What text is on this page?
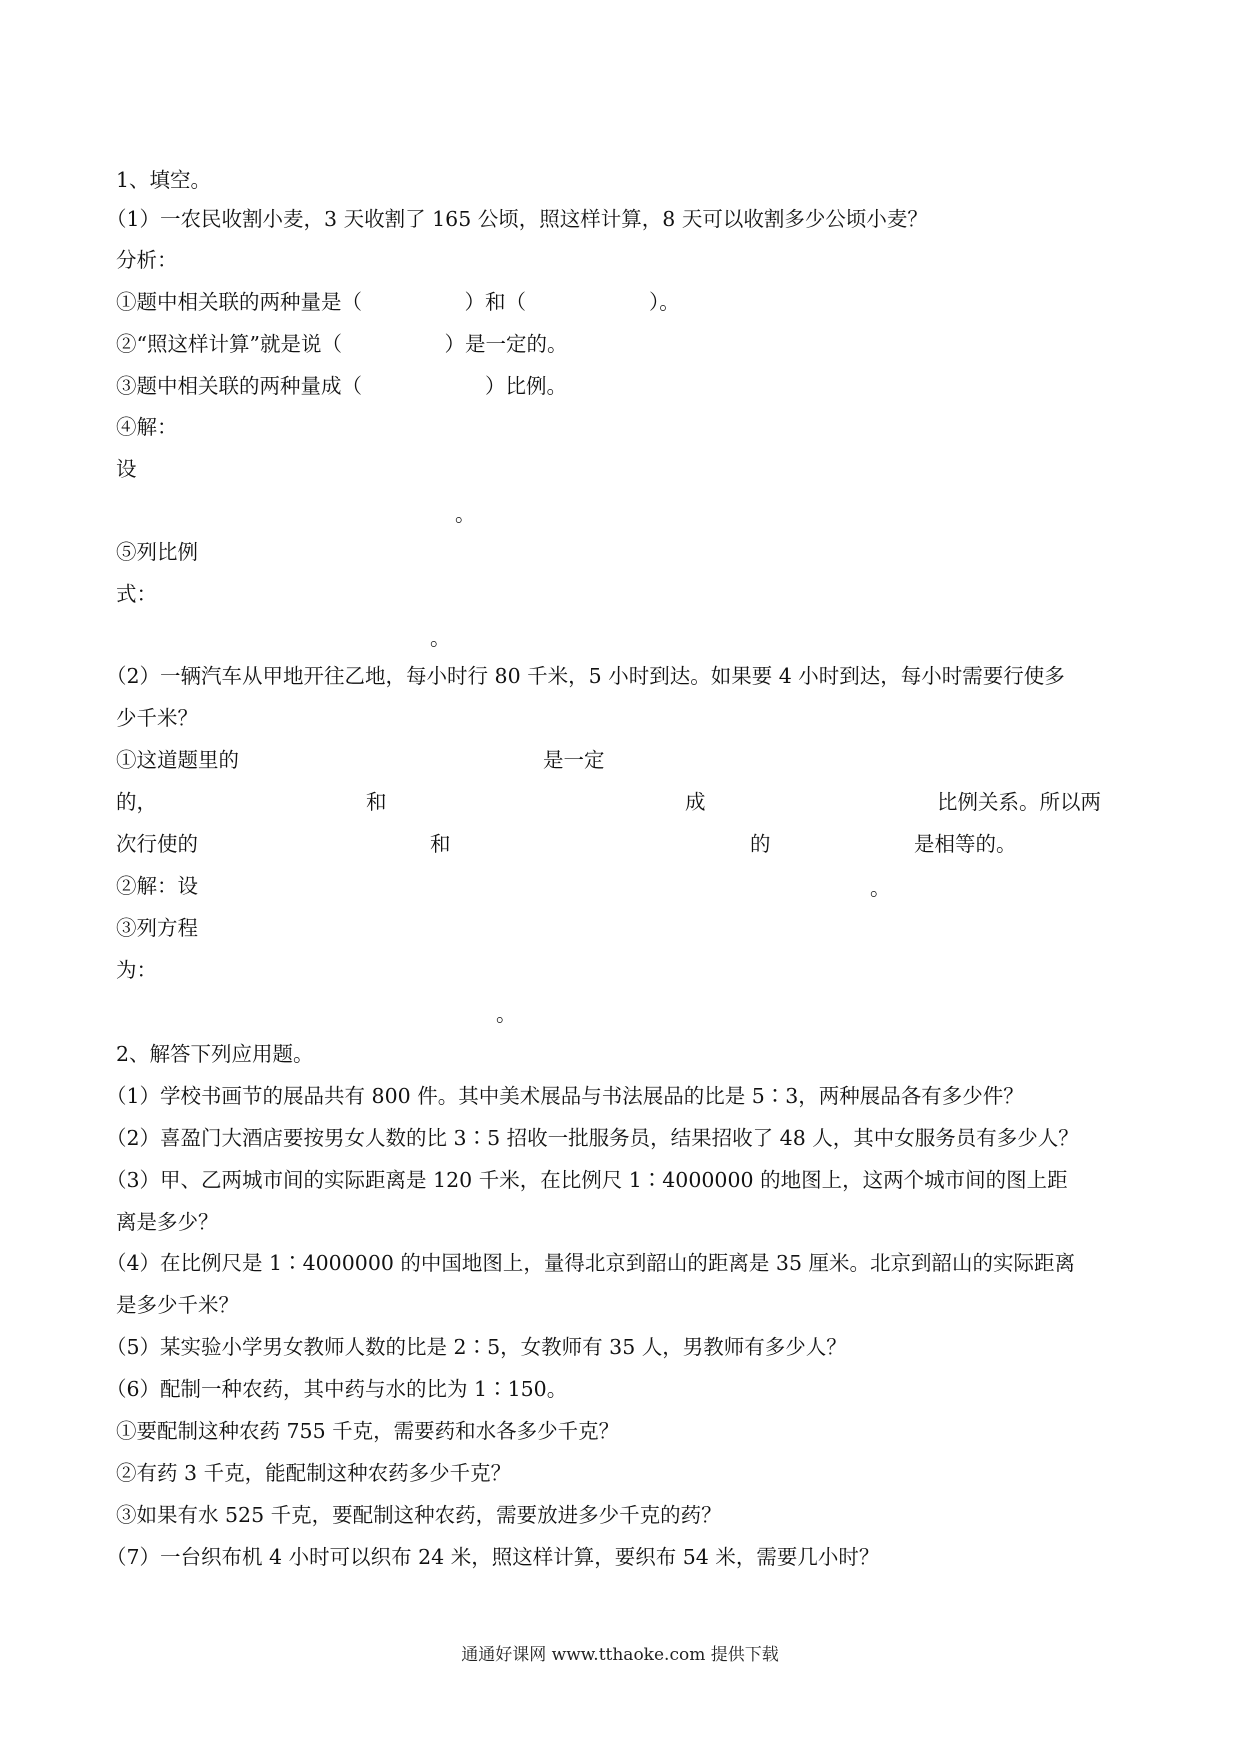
1、填空。
（1）一农民收割小麦，3 天收割了 165 公顷，照这样计算，8 天可以收割多少公顷小麦？
分析：
①题中相关联的两种量是（　　　　　）和（　　　　　　）。
②“照这样计算”就是说（　　　　　）是一定的。
③题中相关联的两种量成（　　　　　　）比例。
④解：
设
。
⑤列比例
式：
。
（2）一辆汽车从甲地开往乙地，每小时行 80 千米，5 小时到达。如果要 4 小时到达，每小时需要行使多
少千米？
①这道题里的	是一定
的，	和	成	比例关系。所以两
次行使的	和	的	是相等的。
②解：设	。
③列方程
为：
。
2、解答下列应用题。
（1）学校书画节的展品共有 800 件。其中美术展品与书法展品的比是 5∶3，两种展品各有多少件？
（2）喜盈门大酒店要按男女人数的比 3∶5 招收一批服务员，结果招收了 48 人，其中女服务员有多少人？
（3）甲、乙两城市间的实际距离是 120 千米，在比例尺 1∶4000000 的地图上，这两个城市间的图上距
离是多少？
（4）在比例尺是 1∶4000000 的中国地图上，量得北京到韶山的距离是 35 厘米。北京到韶山的实际距离
是多少千米？
（5）某实验小学男女教师人数的比是 2∶5，女教师有 35 人，男教师有多少人？
（6）配制一种农药，其中药与水的比为 1∶150。
①要配制这种农药 755 千克，需要药和水各多少千克？
②有药 3 千克，能配制这种农药多少千克？
③如果有水 525 千克，要配制这种农药，需要放进多少千克的药？
（7）一台织布机 4 小时可以织布 24 米，照这样计算，要织布 54 米，需要几小时？
通通好课网 www.tthaoke.com 提供下载
